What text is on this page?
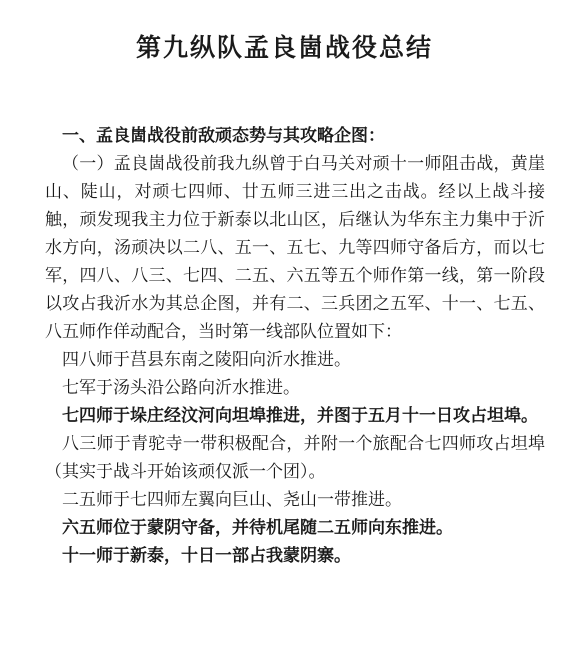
第九纵队孟良崮战役总结

一、孟良崮战役前敌顽态势与其攻略企图：

（一）孟良崮战役前我九纵曾于白马关对顽十一师阻击战，黄崖山、陡山，对顽七四师、廿五师三进三出之击战。经以上战斗接触，顽发现我主力位于新泰以北山区，后继认为华东主力集中于沂水方向，汤顽决以二八、五一、五七、九等四师守备后方，而以七军，四八、八三、七四、二五、六五等五个师作第一线，第一阶段以攻占我沂水为其总企图，并有二、三兵团之五军、十一、七五、八五师作佯动配合，当时第一线部队位置如下：

四八师于莒县东南之陵阳向沂水推进。

七军于汤头沿公路向沂水推进。

七四师于垛庄经汶河向坦埠推进，并图于五月十一日攻占坦埠。

八三师于青驼寺一带积极配合，并附一个旅配合七四师攻占坦埠（其实于战斗开始该顽仅派一个团）。

二五师于七四师左翼向巨山、尧山一带推进。

六五师位于蒙阴守备，并待机尾随二五师向东推进。

十一师于新泰，十日一部占我蒙阴寨。
